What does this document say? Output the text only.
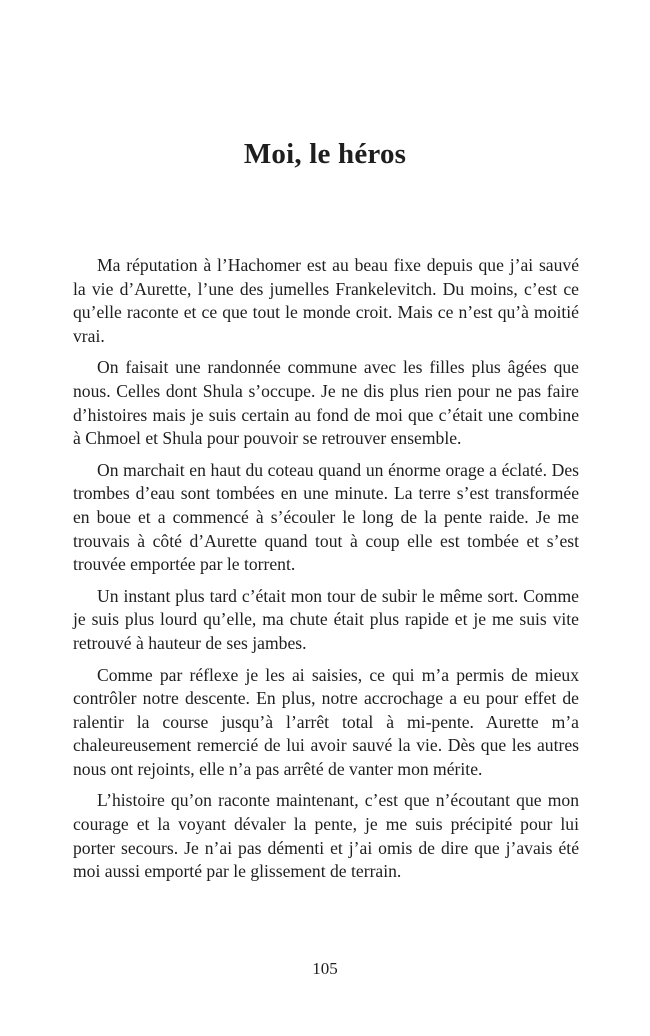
Moi, le héros

Ma réputation à l’Hachomer est au beau fixe depuis que j’ai sauvé la vie d’Aurette, l’une des jumelles Frankelevitch. Du moins, c’est ce qu’elle raconte et ce que tout le monde croit. Mais ce n’est qu’à moitié vrai.

On faisait une randonnée commune avec les filles plus âgées que nous. Celles dont Shula s’occupe. Je ne dis plus rien pour ne pas faire d’histoires mais je suis certain au fond de moi que c’était une combine à Chmoel et Shula pour pouvoir se retrouver ensemble.

On marchait en haut du coteau quand un énorme orage a éclaté. Des trombes d’eau sont tombées en une minute. La terre s’est transformée en boue et a commencé à s’écouler le long de la pente raide. Je me trouvais à côté d’Aurette quand tout à coup elle est tombée et s’est trouvée emportée par le torrent.

Un instant plus tard c’était mon tour de subir le même sort. Comme je suis plus lourd qu’elle, ma chute était plus rapide et je me suis vite retrouvé à hauteur de ses jambes.

Comme par réflexe je les ai saisies, ce qui m’a permis de mieux contrôler notre descente. En plus, notre accrochage a eu pour effet de ralentir la course jusqu’à l’arrêt total à mi-pente. Aurette m’a chaleureusement remercié de lui avoir sauvé la vie. Dès que les autres nous ont rejoints, elle n’a pas arrêté de vanter mon mérite.

L’histoire qu’on raconte maintenant, c’est que n’écoutant que mon courage et la voyant dévaler la pente, je me suis précipité pour lui porter secours. Je n’ai pas démenti et j’ai omis de dire que j’avais été moi aussi emporté par le glissement de terrain.

105
